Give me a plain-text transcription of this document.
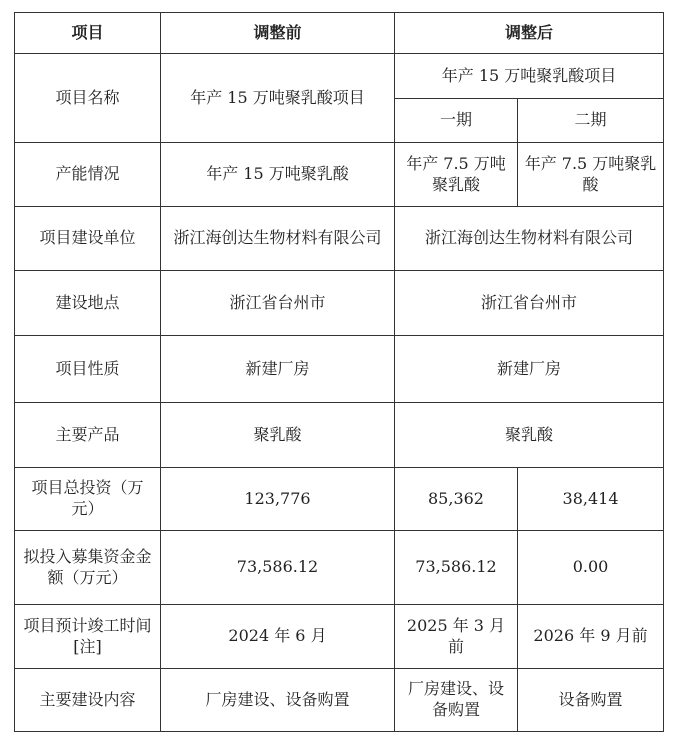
项目	调整前	调整后	
项目名称	年产 15 万吨聚乳酸项目	年产 15 万吨聚乳酸项目	
		一期	二期
产能情况	年产 15 万吨聚乳酸	年产 7.5 万吨聚乳酸	年产 7.5 万吨聚乳酸
项目建设单位	浙江海创达生物材料有限公司	浙江海创达生物材料有限公司	
建设地点	浙江省台州市	浙江省台州市	
项目性质	新建厂房	新建厂房	
主要产品	聚乳酸	聚乳酸	
项目总投资（万元）	123,776	85,362	38,414
拟投入募集资金金额（万元）	73,586.12	73,586.12	0.00
项目预计竣工时间[注]	2024 年 6 月	2025 年 3 月前	2026 年 9 月前
主要建设内容	厂房建设、设备购置	厂房建设、设备购置	设备购置
